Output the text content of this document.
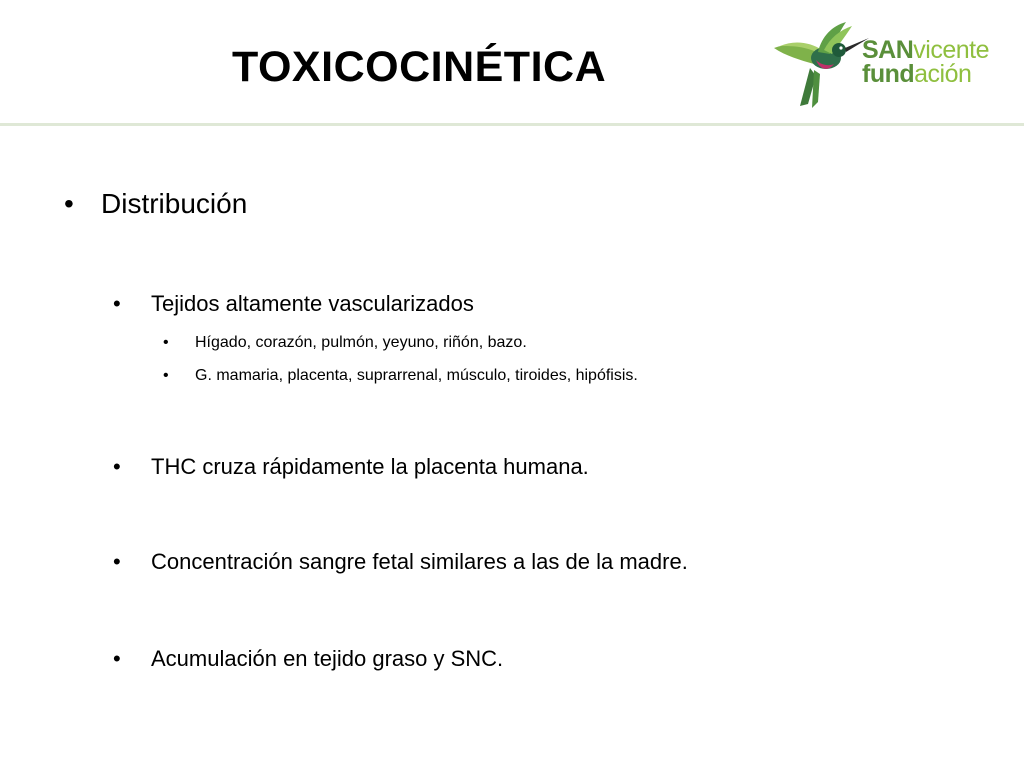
TOXICOCINÉTICA	SANvicente
fundación
• Distribución
• Tejidos altamente vascularizados
• Hígado, corazón, pulmón, yeyuno, riñón, bazo.
• G. mamaria, placenta, suprarrenal, músculo, tiroides, hipófisis.
• THC cruza rápidamente la placenta humana.
• Concentración sangre fetal similares a las de la madre.
• Acumulación en tejido graso y SNC.
